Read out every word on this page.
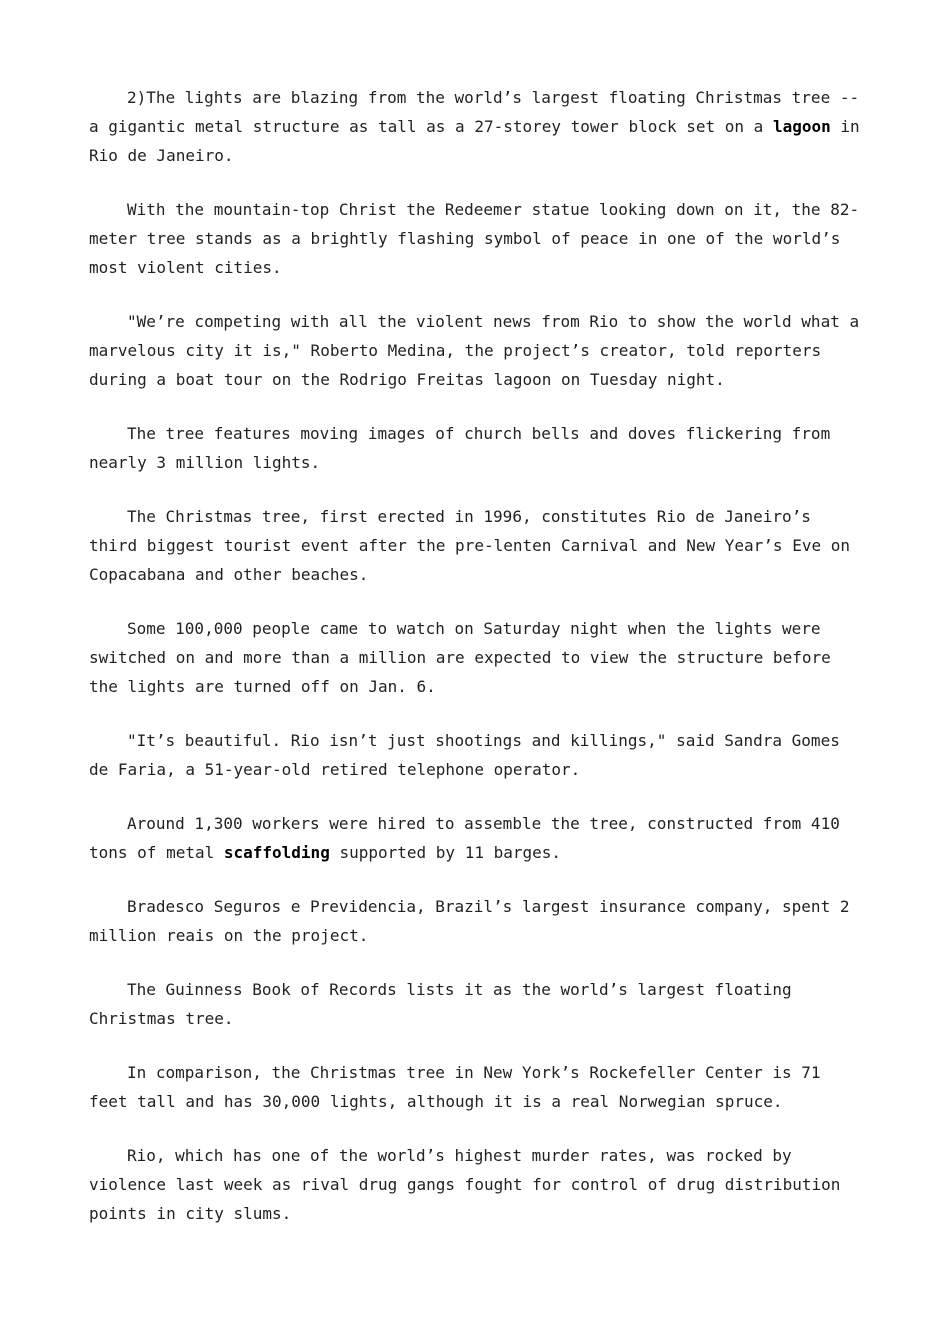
2)The lights are blazing from the world’s largest floating Christmas tree -- a gigantic metal structure as tall as a 27-storey tower block set on a lagoon in Rio de Janeiro.

With the mountain-top Christ the Redeemer statue looking down on it, the 82-meter tree stands as a brightly flashing symbol of peace in one of the world’s most violent cities.

"We’re competing with all the violent news from Rio to show the world what a marvelous city it is," Roberto Medina, the project’s creator, told reporters during a boat tour on the Rodrigo Freitas lagoon on Tuesday night.

The tree features moving images of church bells and doves flickering from nearly 3 million lights.

The Christmas tree, first erected in 1996, constitutes Rio de Janeiro’s third biggest tourist event after the pre-lenten Carnival and New Year’s Eve on Copacabana and other beaches.

Some 100,000 people came to watch on Saturday night when the lights were switched on and more than a million are expected to view the structure before the lights are turned off on Jan. 6.

"It’s beautiful. Rio isn’t just shootings and killings," said Sandra Gomes de Faria, a 51-year-old retired telephone operator.

Around 1,300 workers were hired to assemble the tree, constructed from 410 tons of metal scaffolding supported by 11 barges.

Bradesco Seguros e Previdencia, Brazil’s largest insurance company, spent 2 million reais on the project.

The Guinness Book of Records lists it as the world’s largest floating Christmas tree.

In comparison, the Christmas tree in New York’s Rockefeller Center is 71 feet tall and has 30,000 lights, although it is a real Norwegian spruce.

Rio, which has one of the world’s highest murder rates, was rocked by violence last week as rival drug gangs fought for control of drug distribution points in city slums.
